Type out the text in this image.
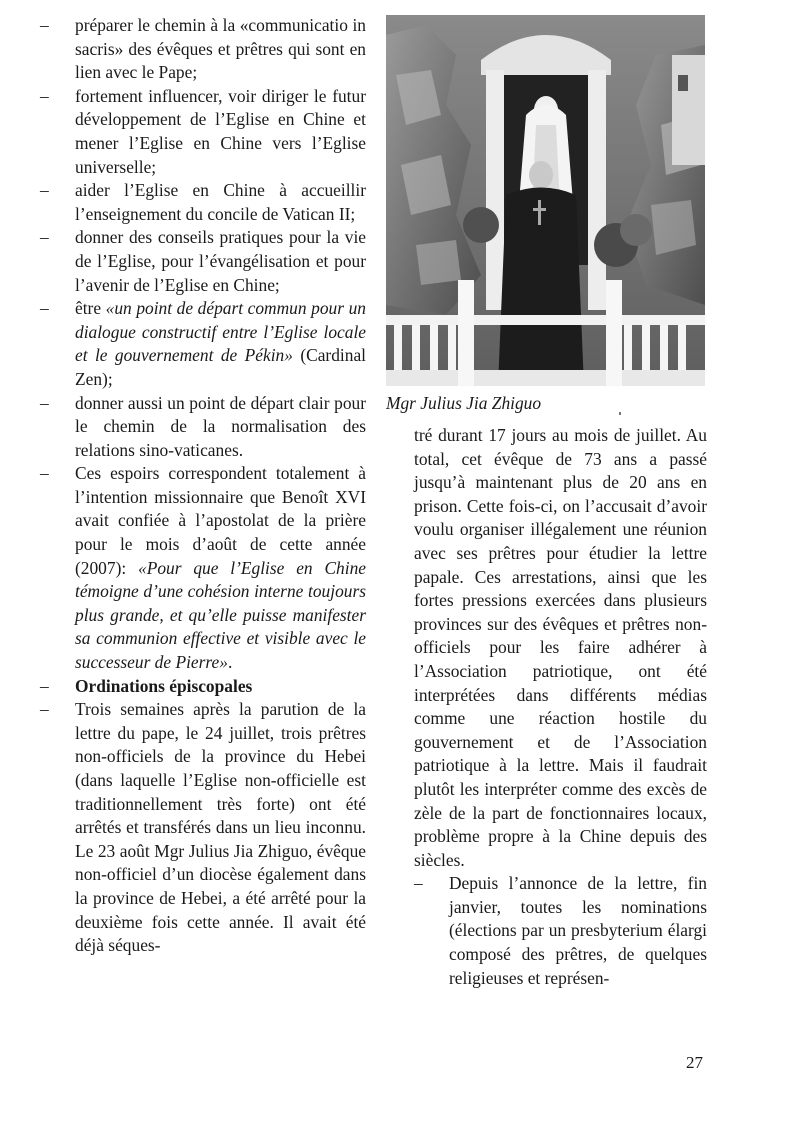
– préparer le chemin à la «communicatio in sacris» des évêques et prêtres qui sont en lien avec le Pape;

– fortement influencer, voir diriger le futur développement de l’Eglise en Chine et mener l’Eglise en Chine vers l’Eglise universelle;

– aider l’Eglise en Chine à accueillir l’enseignement du concile de Vatican II;

– donner des conseils pratiques pour la vie de l’Eglise, pour l’évangélisation et pour l’avenir de l’Eglise en Chine;

– être «un point de départ commun pour un dialogue constructif entre l’Eglise locale et le gouvernement de Pékin» (Cardinal Zen);

– donner aussi un point de départ clair pour le chemin de la normalisation des relations sino-vaticanes.

– Ces espoirs correspondent totalement à l’intention missionnaire que Benoît XVI avait confiée à l’apostolat de la prière pour le mois d’août de cette année (2007): «Pour que l’Eglise en Chine témoigne d’une cohésion interne toujours plus grande, et qu’elle puisse manifester sa communion effective et visible avec le successeur de Pierre».

– Ordinations épiscopales

– Trois semaines après la parution de la lettre du pape, le 24 juillet, trois prêtres non-officiels de la province du Hebei (dans laquelle l’Eglise non-officielle est traditionnellement très forte) ont été arrêtés et transférés dans un lieu inconnu. Le 23 août Mgr Julius Jia Zhiguo, évêque non-officiel d’un diocèse également dans la province de Hebei, a été arrêté pour la deuxième fois cette année. Il avait été déjà séques-

Mgr Julius Jia Zhiguo

tré durant 17 jours au mois de juillet. Au total, cet évêque de 73 ans a passé jusqu’à maintenant plus de 20 ans en prison. Cette fois-ci, on l’accusait d’avoir voulu organiser illégalement une réunion avec ses prêtres pour étudier la lettre papale. Ces arrestations, ainsi que les fortes pressions exercées dans plusieurs provinces sur des évêques et prêtres non-officiels pour les faire adhérer à l’Association patriotique, ont été interprétées dans différents médias comme une réaction hostile du gouvernement et de l’Association patriotique à la lettre. Mais il faudrait plutôt les interpréter comme des excès de zèle de la part de fonctionnaires locaux, problème propre à la Chine depuis des siècles.

– Depuis l’annonce de la lettre, fin janvier, toutes les nominations (élections par un presbyterium élargi composé des prêtres, de quelques religieuses et représen-

27
